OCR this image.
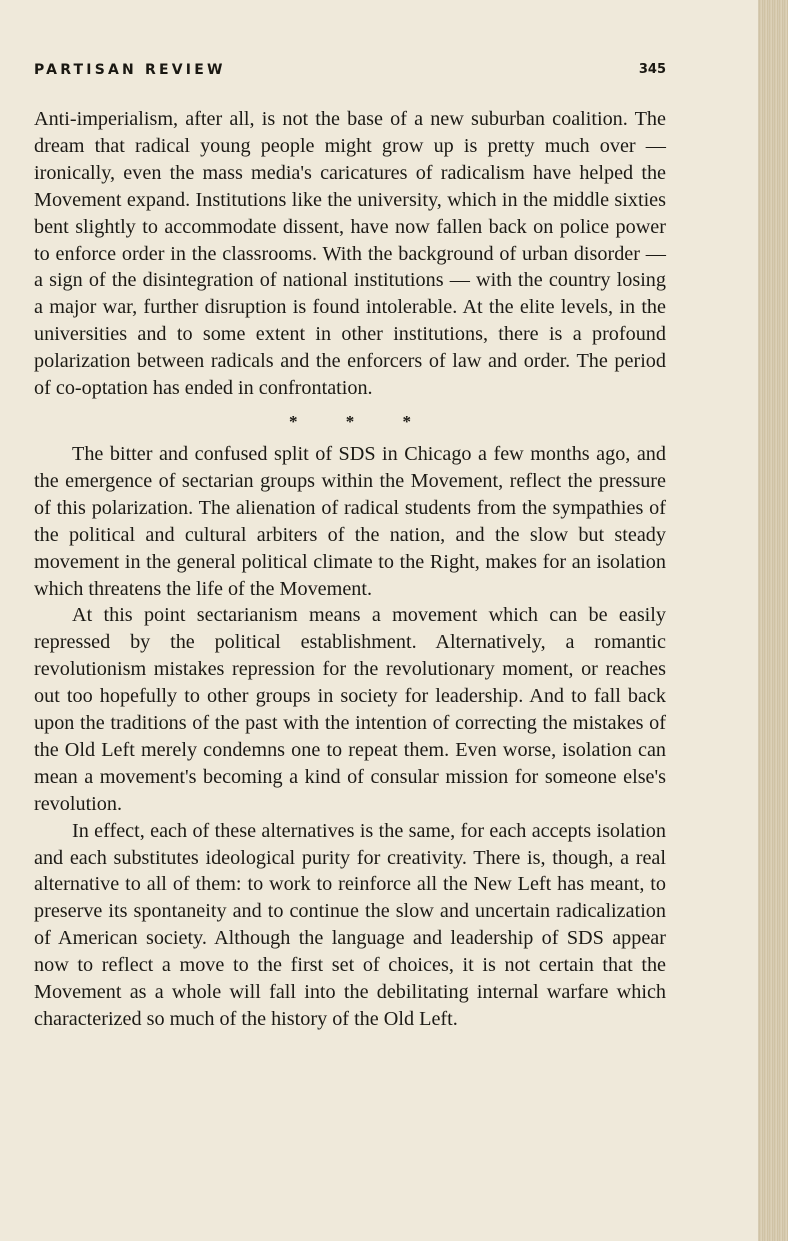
PARTISAN REVIEW	345

Anti-imperialism, after all, is not the base of a new suburban coalition. The dream that radical young people might grow up is pretty much over — ironically, even the mass media's caricatures of radicalism have helped the Movement expand. Institutions like the university, which in the middle sixties bent slightly to accommodate dissent, have now fallen back on police power to enforce order in the classrooms. With the background of urban disorder — a sign of the disintegration of national institutions — with the country losing a major war, further disruption is found intolerable. At the elite levels, in the universities and to some extent in other institutions, there is a profound polarization between radicals and the enforcers of law and order. The period of co-optation has ended in confrontation.

* * *

The bitter and confused split of SDS in Chicago a few months ago, and the emergence of sectarian groups within the Movement, reflect the pressure of this polarization. The alienation of radical students from the sympathies of the political and cultural arbiters of the nation, and the slow but steady movement in the general political climate to the Right, makes for an isolation which threatens the life of the Movement.

At this point sectarianism means a movement which can be easily repressed by the political establishment. Alternatively, a romantic revolutionism mistakes repression for the revolutionary moment, or reaches out too hopefully to other groups in society for leadership. And to fall back upon the traditions of the past with the intention of correcting the mistakes of the Old Left merely condemns one to repeat them. Even worse, isolation can mean a movement's becoming a kind of consular mission for someone else's revolution.

In effect, each of these alternatives is the same, for each accepts isolation and each substitutes ideological purity for creativity. There is, though, a real alternative to all of them: to work to reinforce all the New Left has meant, to preserve its spontaneity and to continue the slow and uncertain radicalization of American society. Although the language and leadership of SDS appear now to reflect a move to the first set of choices, it is not certain that the Movement as a whole will fall into the debilitating internal warfare which characterized so much of the history of the Old Left.
